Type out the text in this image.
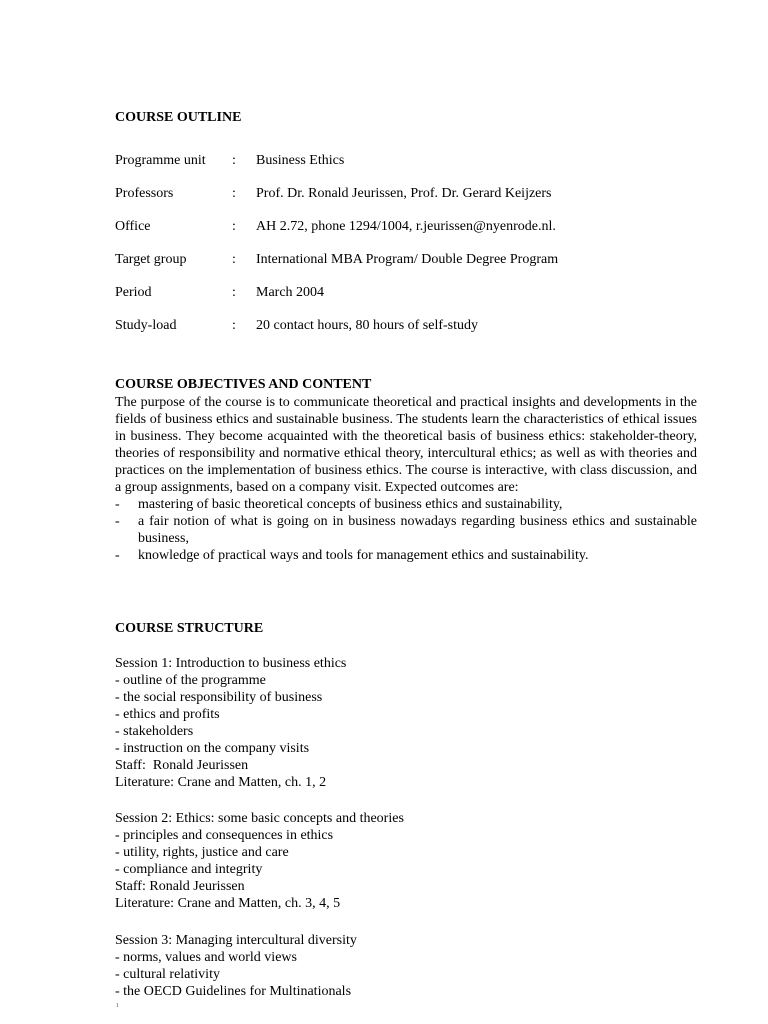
COURSE OUTLINE
Programme unit : Business Ethics
Professors	: Prof. Dr. Ronald Jeurissen, Prof. Dr. Gerard Keijzers
Office	: AH 2.72, phone 1294/1004, r.jeurissen@nyenrode.nl.
Target group	: International MBA Program/ Double Degree Program
Period	: March 2004
Study-load	: 20 contact hours, 80 hours of self-study
COURSE OBJECTIVES AND CONTENT

The purpose of the course is to communicate theoretical and practical insights and developments in the fields of business ethics and sustainable business. The students learn the characteristics of ethical issues in business. They become acquainted with the theoretical basis of business ethics: stakeholder-theory, theories of responsibility and normative ethical theory, intercultural ethics; as well as with theories and practices on the implementation of business ethics. The course is interactive, with class discussion, and a group assignments, based on a company visit. Expected outcomes are:

- mastering of basic theoretical concepts of business ethics and sustainability,
- a fair notion of what is going on in business nowadays regarding business ethics and sustainable business,
- knowledge of practical ways and tools for management ethics and sustainability.
COURSE STRUCTURE
Session 1: Introduction to business ethics
- outline of the programme
- the social responsibility of business
- ethics and profits
- stakeholders
- instruction on the company visits
Staff:  Ronald Jeurissen
Literature: Crane and Matten, ch. 1, 2
Session 2: Ethics: some basic concepts and theories
- principles and consequences in ethics
- utility, rights, justice and care
- compliance and integrity
Staff: Ronald Jeurissen
Literature: Crane and Matten, ch. 3, 4, 5
Session 3: Managing intercultural diversity
- norms, values and world views
- cultural relativity
- the OECD Guidelines for Multinationals
1
